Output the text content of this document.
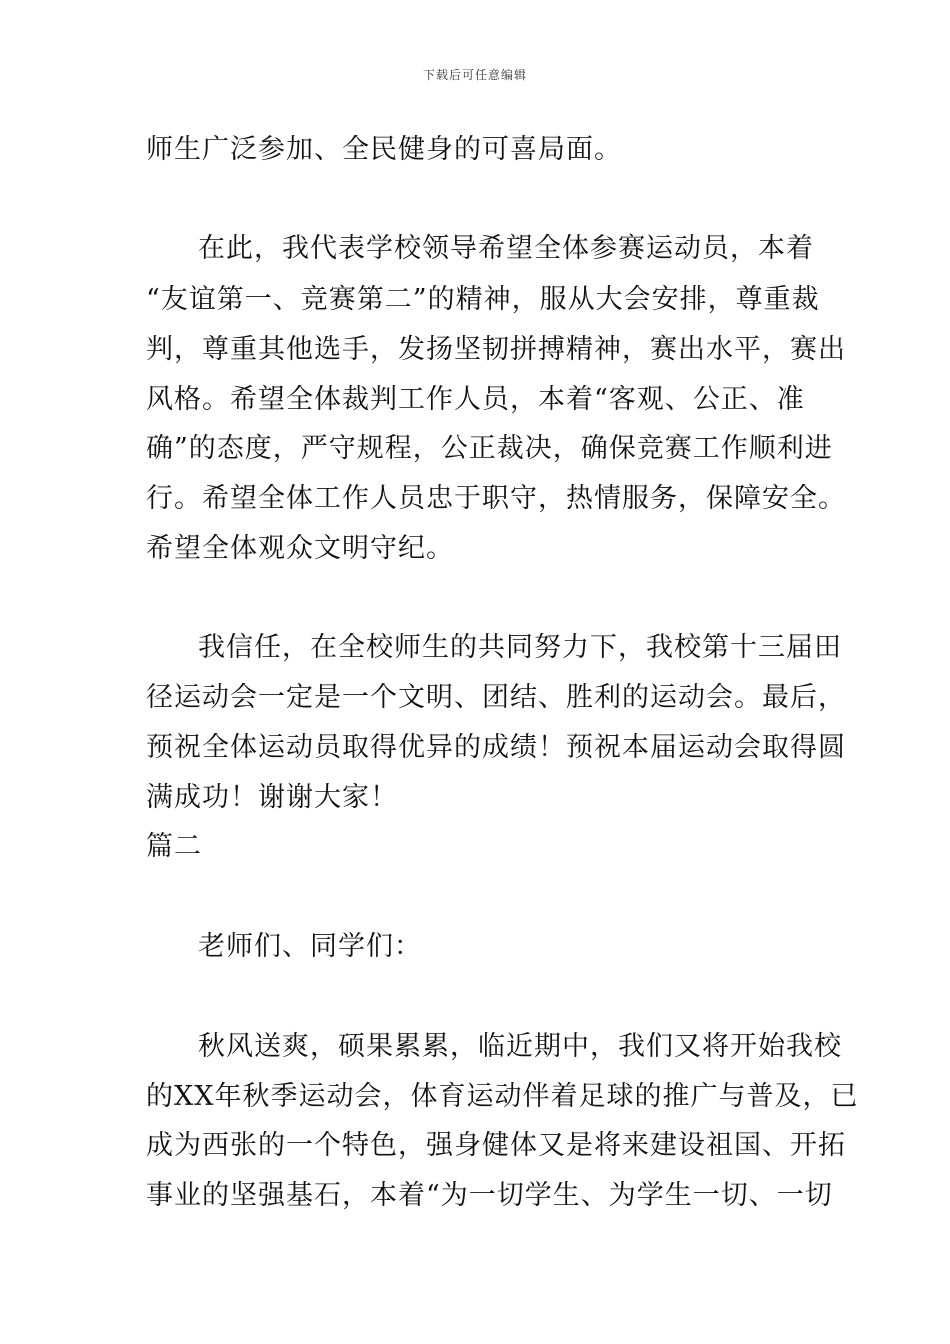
下载后可任意编辑
师生广泛参加、全民健身的可喜局面。
在此，我代表学校领导希望全体参赛运动员，本着
“友谊第一、竞赛第二”的精神，服从大会安排，尊重裁
判，尊重其他选手，发扬坚韧拼搏精神，赛出水平，赛出
风格。希望全体裁判工作人员，本着“客观、公正、准
确”的态度，严守规程，公正裁决，确保竞赛工作顺利进
行。希望全体工作人员忠于职守，热情服务，保障安全。
希望全体观众文明守纪。
我信任，在全校师生的共同努力下，我校第十三届田
径运动会一定是一个文明、团结、胜利的运动会。最后，
预祝全体运动员取得优异的成绩！预祝本届运动会取得圆
满成功！谢谢大家！
篇二
老师们、同学们：
秋风送爽，硕果累累，临近期中，我们又将开始我校
的XX年秋季运动会，体育运动伴着足球的推广与普及，已
成为西张的一个特色，强身健体又是将来建设祖国、开拓
事业的坚强基石，本着“为一切学生、为学生一切、一切
